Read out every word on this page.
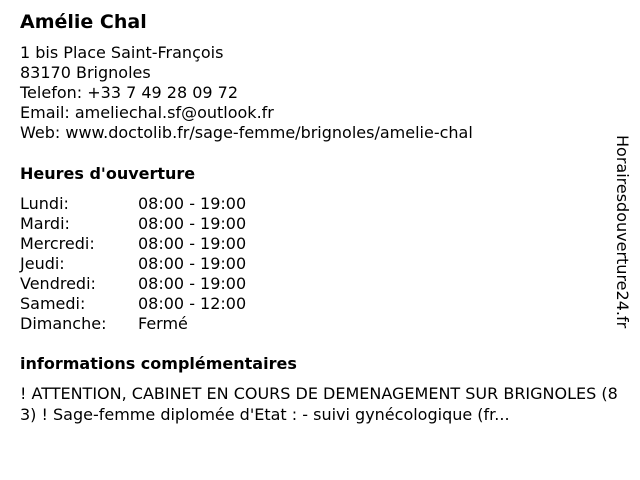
Amélie Chal
1 bis Place Saint-François
83170 Brignoles
Telefon: +33 7 49 28 09 72
Email: ameliechal.sf@outlook.fr
Web: www.doctolib.fr/sage-femme/brignoles/amelie-chal
Heures d'ouverture
Lundi:	08:00 - 19:00
Mardi:	08:00 - 19:00
Mercredi:	08:00 - 19:00
Jeudi:	08:00 - 19:00
Vendredi:	08:00 - 19:00
Samedi:	08:00 - 12:00
Dimanche: Fermé
informations complémentaires
! ATTENTION, CABINET EN COURS DE DEMENAGEMENT SUR BRIGNOLES (83) ! Sage-femme diplomée d'Etat : - suivi gynécologique (fr...
Horairesdouverture24.fr
